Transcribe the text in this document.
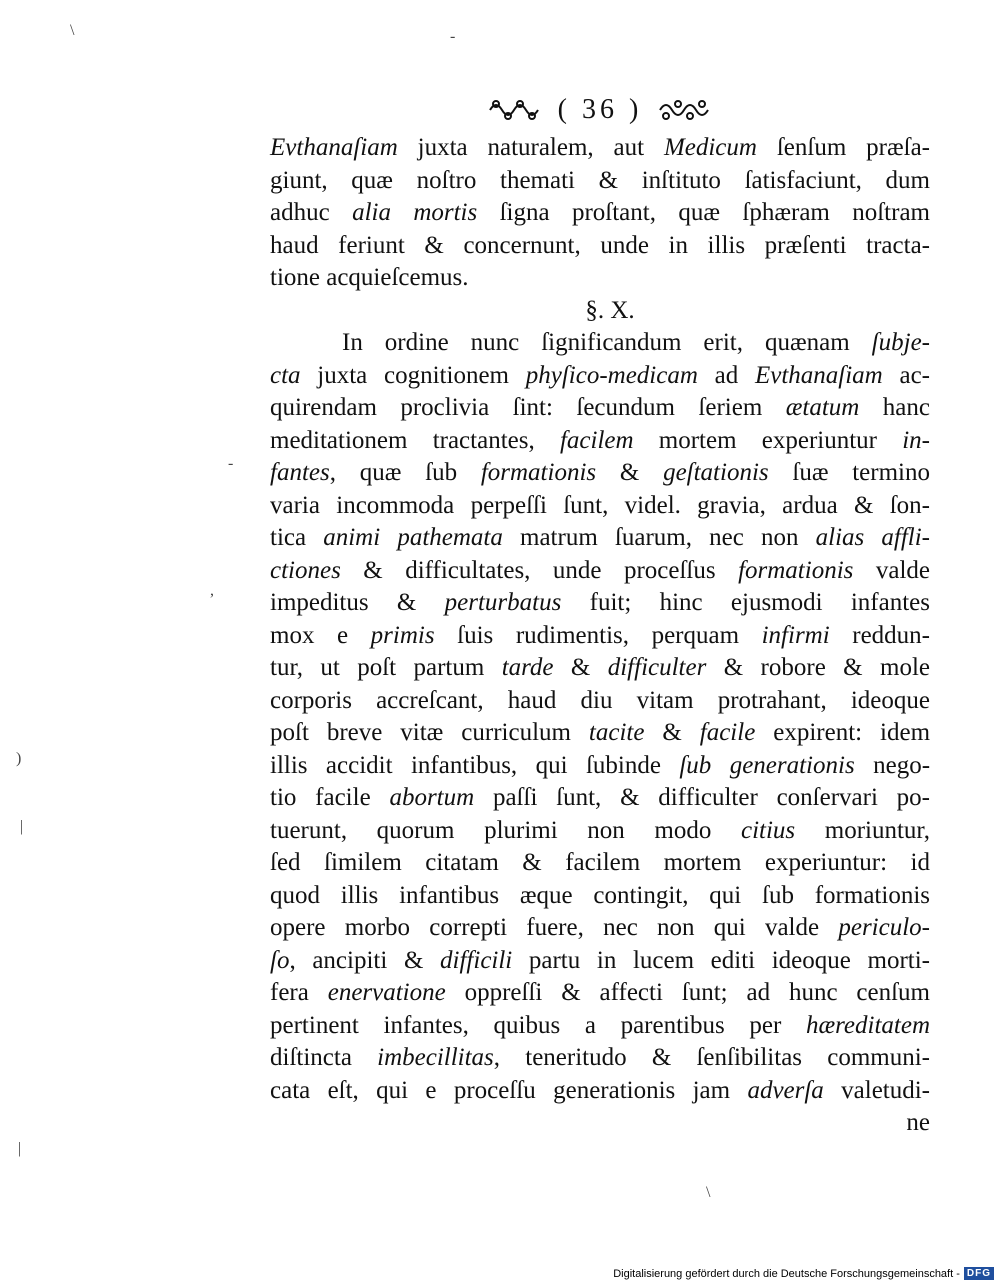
( 36 )
Evthanaſiam juxta naturalem, aut Medicum ſenſum præſa-
giunt, quæ noſtro themati & inſtituto ſatisfaciunt, dum
adhuc alia mortis ſigna proſtant, quæ ſphæram noſtram
haud feriunt & concernunt, unde in illis præſenti tracta-
tione acquieſcemus.
§. X.
In ordine nunc ſignificandum erit, quænam ſubje-
cta juxta cognitionem phyſico-medicam ad Evthanaſiam ac-
quirendam proclivia ſint: ſecundum ſeriem ætatum hanc
meditationem tractantes, facilem mortem experiuntur in-
fantes, quæ ſub formationis & geſtationis ſuæ termino
varia incommoda perpeſſi ſunt, videl. gravia, ardua & ſon-
tica animi pathemata matrum ſuarum, nec non alias affli-
ctiones & difficultates, unde proceſſus formationis valde
impeditus & perturbatus fuit; hinc ejusmodi infantes
mox e primis ſuis rudimentis, perquam infirmi reddun-
tur, ut poſt partum tarde & difficulter & robore & mole
corporis accreſcant, haud diu vitam protrahant, ideoque
poſt breve vitæ curriculum tacite & facile expirent: idem
illis accidit infantibus, qui ſubinde ſub generationis nego-
tio facile abortum paſſi ſunt, & difficulter conſervari po-
tuerunt, quorum plurimi non modo citius moriuntur,
ſed ſimilem citatam & facilem mortem experiuntur: id
quod illis infantibus æque contingit, qui ſub formationis
opere morbo correpti fuere, nec non qui valde periculo-
ſo, ancipiti & difficili partu in lucem editi ideoque morti-
fera enervatione oppreſſi & affecti ſunt; ad hunc cenſum
pertinent infantes, quibus a parentibus per hæreditatem
diſtincta imbecillitas, teneritudo & ſenſibilitas communi-
cata eſt, qui e proceſſu generationis jam adverſa valetudi-
ne
\	-
-
,
)
|
|
\
Digitalisierung gefördert durch die Deutsche Forschungsgemeinschaft - DFG
